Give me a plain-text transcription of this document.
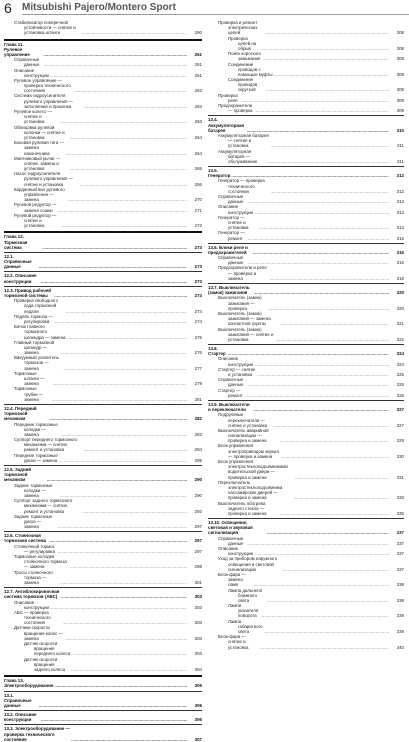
6 Mitsubishi Pajero/Montero Sport
Стабилизатор поперечной устойчивости — снятие и установка штанги .....	260
Глава 11. Рулевое управление .....	261
Справочные данные .....	261
Описание конструкции .....	261
Рулевое управление — проверка технического состояния .....	262
Система гидроусилителя рулевого управления — заполнение и прокачка .....	263
Рулевое колесо — снятие и установка .....	263
Облицовка рулевой колонки — снятие и установка .....	264
Боковая рулевая тяга — замена наконечника .....	264
Маятниковый рычаг — снятие, замена и установка .....	265
Насос гидроусилителя рулевого управления — снятие и установка .....	266
Карданный вал рулевого управления — замена .....	270
Рулевой редуктор — замена сошки .....	271
Рулевой редуктор — снятие и установка .....	272
Глава 12. Тормозная система .....	273
12.1. Справочные данные .....	273
12.2. Описание конструкции .....	273
12.3. Привод рабочей тормозной системы .....	274
Проверка свободного хода тормозной педали .....	274
Педаль тормоза — регулировка .....	274
Бачок главного тормозного цилиндра — замена .....	275
Главный тормозной цилиндр — замена .....	276
Вакуумный усилитель тормозов — замена .....	277
Тормозные шланги — замена .....	279
Тормозные трубки — замена .....	281
12.4. Передний тормозной механизм .....	282
Передние тормозные колодки — замена .....	282
Суппорт переднего тормозного механизма — снятие, ремонт и установка .....	284
Передние тормозные диски — замена .....	289
12.5. Задний тормозной механизм .....	290
Задние тормозные колодки — замена .....	290
Суппорт заднего тормозного механизма — снятие, ремонт и установка .....	292
Задние тормозные диски — замена .....	297
12.6. Стояночная тормозная система .....	297
Стояночный тормоз — регулировка .....	297
Тормозные колодки стояночного тормоза — замена .....	298
Тросы стояночного тормоза — замена .....	301
12.7. Антиблокировочная система тормозов (АБС) .....	303
Описание конструкции .....	303
АБС — проверка технического состояния .....	303
Датчики скорости вращения колес — замена .....	303
Датчик скорости вращения переднего колеса .....	303
Датчик скорости вращения заднего колеса .....	304
Глава 13. Электрооборудование .....	306
13.1. Справочные данные .....	306
13.2. Описание конструкции .....	306
13.3. Электрооборудование — проверка технического состояния .....	307
Проверка и ремонт электрических цепей .....	308
Проверка цепей на обрыв .....	308
Поиск короткого замыкания .....	308
Соединение проводов с помощью муфты .....	309
Соединение проводов скруткой .....	309
Проверка реле .....	309
Предохранители — проверка .....	309
13.4. Аккумуляторная батарея .....	310
Аккумуляторная батарея — снятие и установка .....	311
Аккумуляторная батарея — обслуживание .....	311
13.5. Генератор .....	312
Генератор — проверка технического состояния .....	312
Справочные данные .....	313
Описание конструкции .....	313
Генератор — снятие и установка .....	313
Генератор — ремонт .....	315
13.6. Блоки реле и предохранителей .....	316
Справочные данные .....	316
Предохранители и реле — проверка и замена .....	318
13.7. Выключатель (замок) зажигания .....	320
Выключатель (замок) зажигания — проверка .....	320
Выключатель (замок) зажигания — замена контактной группы .....	321
Выключатель (замок) зажигания — снятие и установка .....	322
13.8. Стартер .....	324
Описание конструкции .....	324
Стартер — снятие и установка .....	325
Справочные данные .....	325
Стартер — ремонт .....	326
13.9. Выключатели и переключатели .....	327
Подрулевые переключатели — снятие и установка .....	327
Выключатель аварийной сигнализации — проверка и замена .....	329
Блок управления электроприводом зеркал — проверка и замена .....	330
Блок управления электростеклоподъёмниками водительской двери — проверка и замена .....	331
Переключатель электростеклоподъёмника пассажирских дверей — проверка и замена .....	333
Выключатель обогрева заднего стекла — проверка и замена .....	335
13.10. Освещение, световая и звуковая сигнализация .....	337
Справочные данные .....	337
Описание конструкции .....	337
Уход за прибором наружного освещения и световой сигнализации .....	337
Блок-фара — замена ламп .....	338
Лампа дальнего/ближнего света .....	338
Лампа указателя поворота .....	339
Лампа габаритного света .....	339
Блок-фара — снятие и установка .....	340
